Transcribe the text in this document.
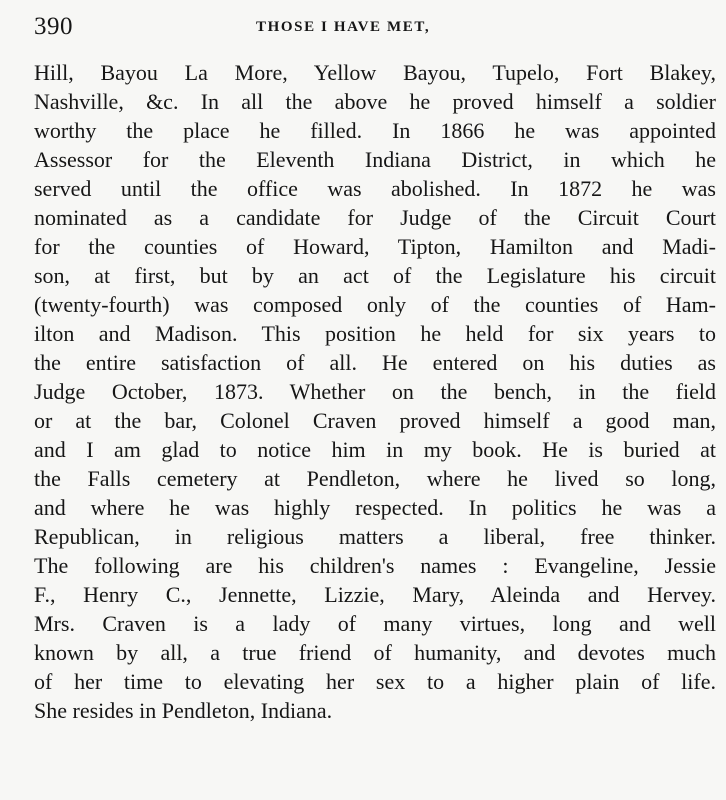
390	THOSE I HAVE MET,
Hill, Bayou La More, Yellow Bayou, Tupelo, Fort Blakey,
Nashville, &c. In all the above he proved himself a soldier
worthy the place he filled. In 1866 he was appointed
Assessor for the Eleventh Indiana District, in which he
served until the office was abolished. In 1872 he was
nominated as a candidate for Judge of the Circuit Court
for the counties of Howard, Tipton, Hamilton and Madi-
son, at first, but by an act of the Legislature his circuit
(twenty-fourth) was composed only of the counties of Ham-
ilton and Madison. This position he held for six years to
the entire satisfaction of all. He entered on his duties as
Judge October, 1873. Whether on the bench, in the field
or at the bar, Colonel Craven proved himself a good man,
and I am glad to notice him in my book. He is buried at
the Falls cemetery at Pendleton, where he lived so long,
and where he was highly respected. In politics he was a
Republican, in religious matters a liberal, free thinker.
The following are his children's names : Evangeline, Jessie
F., Henry C., Jennette, Lizzie, Mary, Aleinda and Hervey.
Mrs. Craven is a lady of many virtues, long and well
known by all, a true friend of humanity, and devotes much
of her time to elevating her sex to a higher plain of life.
She resides in Pendleton, Indiana.
